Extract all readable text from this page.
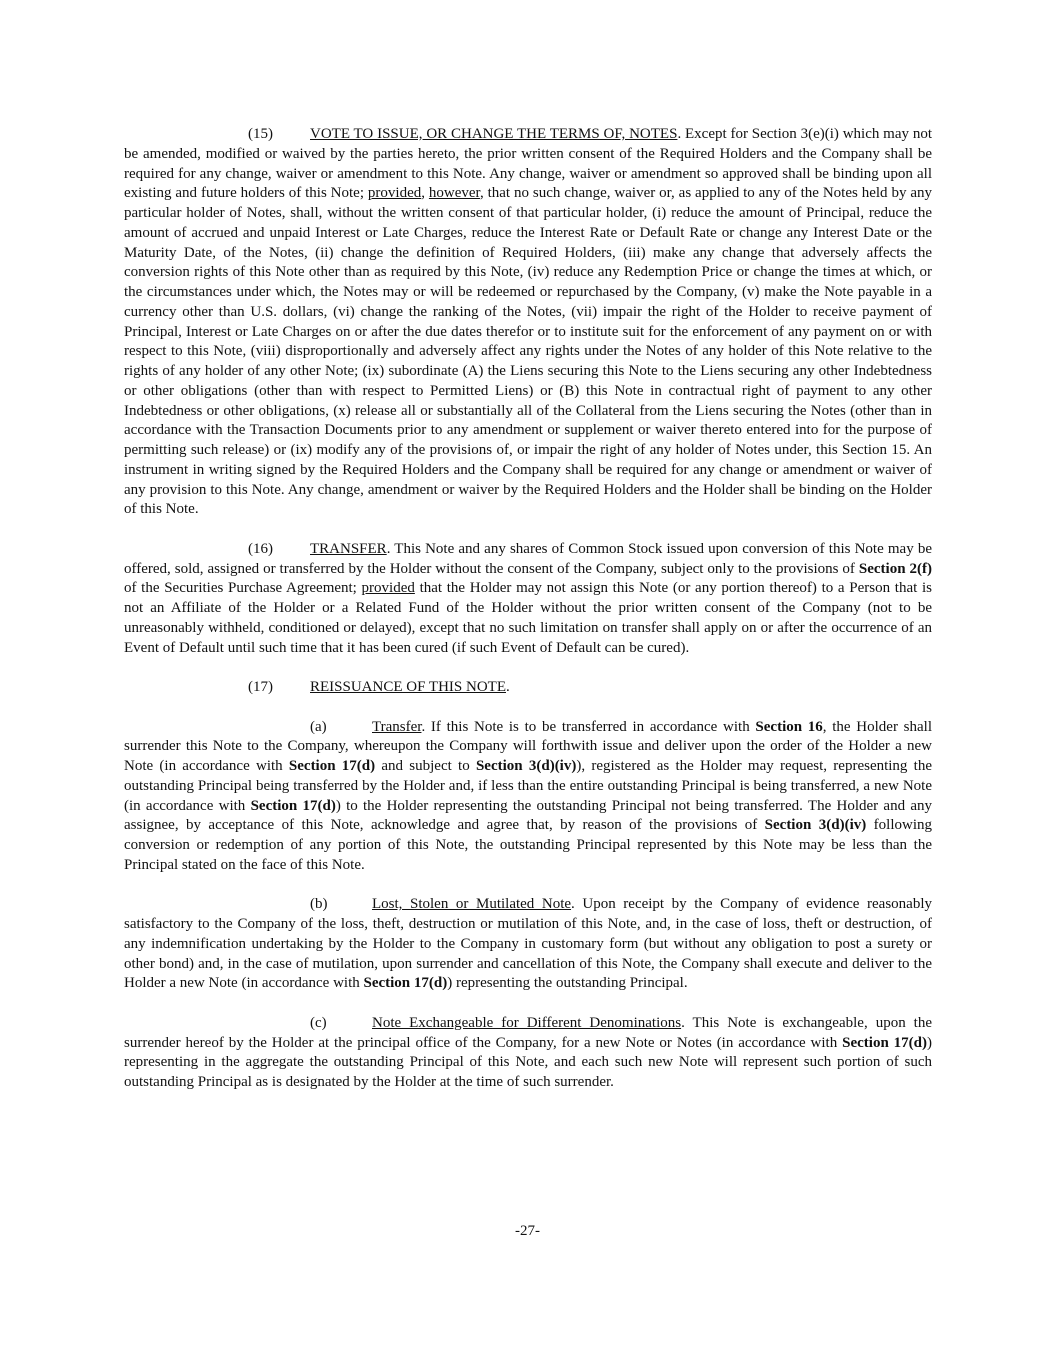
(15) VOTE TO ISSUE, OR CHANGE THE TERMS OF, NOTES. Except for Section 3(e)(i) which may not be amended, modified or waived by the parties hereto, the prior written consent of the Required Holders and the Company shall be required for any change, waiver or amendment to this Note. Any change, waiver or amendment so approved shall be binding upon all existing and future holders of this Note; provided, however, that no such change, waiver or, as applied to any of the Notes held by any particular holder of Notes, shall, without the written consent of that particular holder, (i) reduce the amount of Principal, reduce the amount of accrued and unpaid Interest or Late Charges, reduce the Interest Rate or Default Rate or change any Interest Date or the Maturity Date, of the Notes, (ii) change the definition of Required Holders, (iii) make any change that adversely affects the conversion rights of this Note other than as required by this Note, (iv) reduce any Redemption Price or change the times at which, or the circumstances under which, the Notes may or will be redeemed or repurchased by the Company, (v) make the Note payable in a currency other than U.S. dollars, (vi) change the ranking of the Notes, (vii) impair the right of the Holder to receive payment of Principal, Interest or Late Charges on or after the due dates therefor or to institute suit for the enforcement of any payment on or with respect to this Note, (viii) disproportionally and adversely affect any rights under the Notes of any holder of this Note relative to the rights of any holder of any other Note; (ix) subordinate (A) the Liens securing this Note to the Liens securing any other Indebtedness or other obligations (other than with respect to Permitted Liens) or (B) this Note in contractual right of payment to any other Indebtedness or other obligations, (x) release all or substantially all of the Collateral from the Liens securing the Notes (other than in accordance with the Transaction Documents prior to any amendment or supplement or waiver thereto entered into for the purpose of permitting such release) or (ix) modify any of the provisions of, or impair the right of any holder of Notes under, this Section 15. An instrument in writing signed by the Required Holders and the Company shall be required for any change or amendment or waiver of any provision to this Note. Any change, amendment or waiver by the Required Holders and the Holder shall be binding on the Holder of this Note.

(16) TRANSFER. This Note and any shares of Common Stock issued upon conversion of this Note may be offered, sold, assigned or transferred by the Holder without the consent of the Company, subject only to the provisions of Section 2(f) of the Securities Purchase Agreement; provided that the Holder may not assign this Note (or any portion thereof) to a Person that is not an Affiliate of the Holder or a Related Fund of the Holder without the prior written consent of the Company (not to be unreasonably withheld, conditioned or delayed), except that no such limitation on transfer shall apply on or after the occurrence of an Event of Default until such time that it has been cured (if such Event of Default can be cured).

(17) REISSUANCE OF THIS NOTE.

(a)	Transfer. If this Note is to be transferred in accordance with Section 16, the Holder shall surrender this Note to the Company, whereupon the Company will forthwith issue and deliver upon the order of the Holder a new Note (in accordance with Section 17(d) and subject to Section 3(d)(iv)), registered as the Holder may request, representing the outstanding Principal being transferred by the Holder and, if less than the entire outstanding Principal is being transferred, a new Note (in accordance with Section 17(d)) to the Holder representing the outstanding Principal not being transferred. The Holder and any assignee, by acceptance of this Note, acknowledge and agree that, by reason of the provisions of Section 3(d)(iv) following conversion or redemption of any portion of this Note, the outstanding Principal represented by this Note may be less than the Principal stated on the face of this Note.

(b)	Lost, Stolen or Mutilated Note. Upon receipt by the Company of evidence reasonably satisfactory to the Company of the loss, theft, destruction or mutilation of this Note, and, in the case of loss, theft or destruction, of any indemnification undertaking by the Holder to the Company in customary form (but without any obligation to post a surety or other bond) and, in the case of mutilation, upon surrender and cancellation of this Note, the Company shall execute and deliver to the Holder a new Note (in accordance with Section 17(d)) representing the outstanding Principal.

(c)	Note Exchangeable for Different Denominations. This Note is exchangeable, upon the surrender hereof by the Holder at the principal office of the Company, for a new Note or Notes (in accordance with Section 17(d)) representing in the aggregate the outstanding Principal of this Note, and each such new Note will represent such portion of such outstanding Principal as is designated by the Holder at the time of such surrender.

-27-
